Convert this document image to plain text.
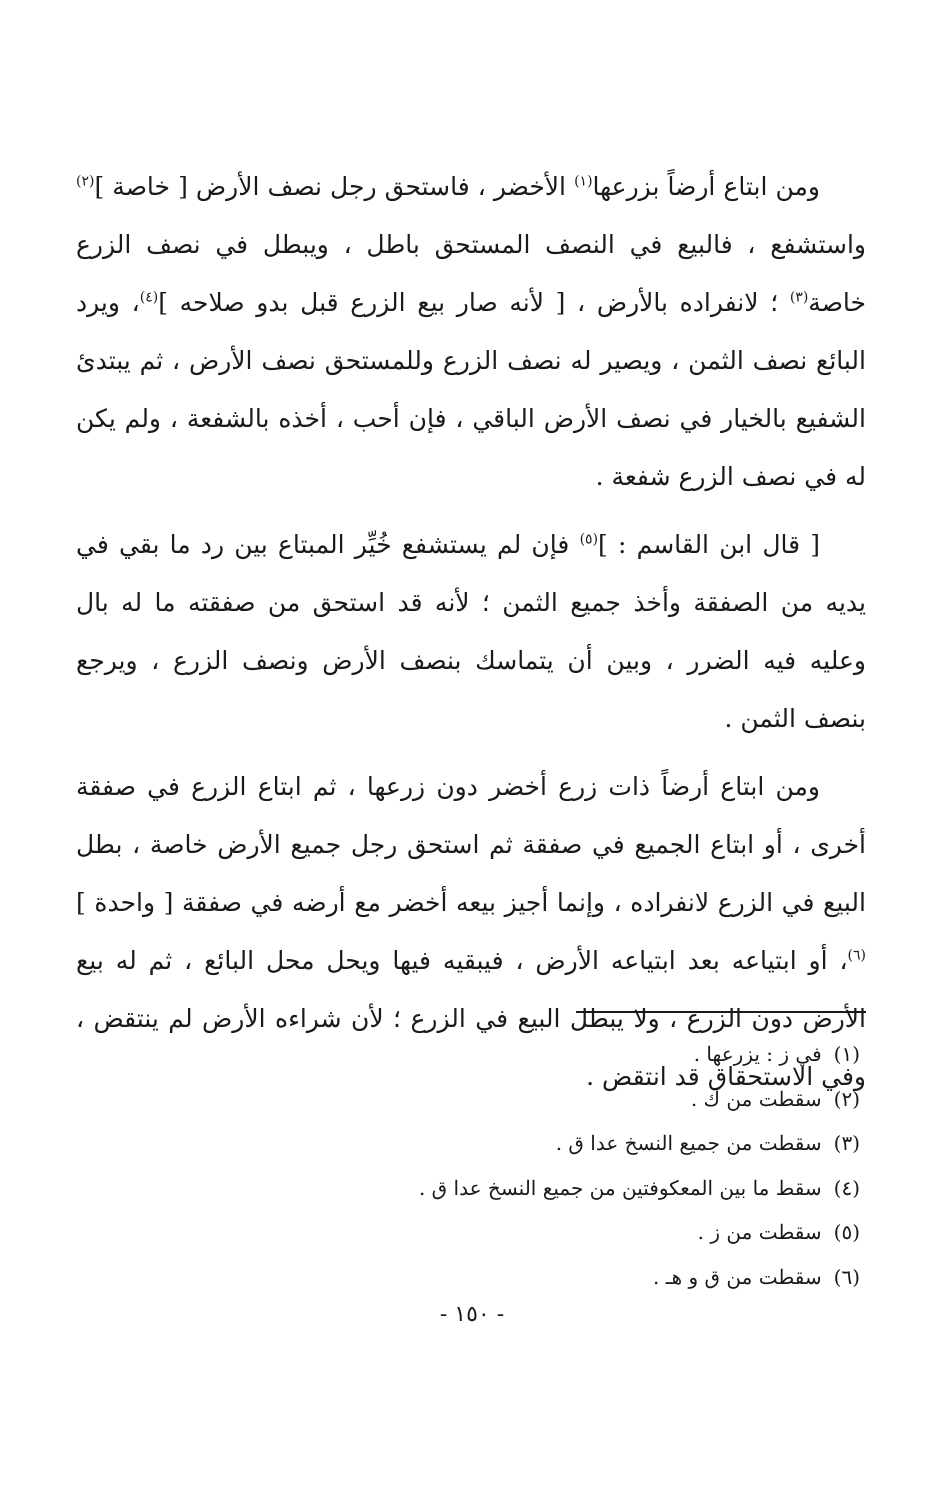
ومن ابتاع أرضاً بزرعها$^{(١)}$ الأخضر ، فاستحق رجل نصف الأرض [ خاصة ]$^{(٢)}$ واستشفع ، فالبيع في النصف المستحق باطل ، ويبطل في نصف الزرع خاصة$^{(٣)}$ ؛ لانفراده بالأرض ، [ لأنه صار بيع الزرع قبل بدو صلاحه ]$^{(٤)}$، ويرد البائع نصف الثمن ، ويصير له نصف الزرع وللمستحق نصف الأرض ، ثم يبتدئ الشفيع بالخيار في نصف الأرض الباقي ، فإن أحب ، أخذه بالشفعة ، ولم يكن له في نصف الزرع شفعة .

[ قال ابن القاسم : ]$^{(٥)}$ فإن لم يستشفع خُيِّر المبتاع بين رد ما بقي في يديه من الصفقة وأخذ جميع الثمن ؛ لأنه قد استحق من صفقته ما له بال وعليه فيه الضرر ، وبين أن يتماسك بنصف الأرض ونصف الزرع ، ويرجع بنصف الثمن .

ومن ابتاع أرضاً ذات زرع أخضر دون زرعها ، ثم ابتاع الزرع في صفقة أخرى ، أو ابتاع الجميع في صفقة ثم استحق رجل جميع الأرض خاصة ، بطل البيع في الزرع لانفراده ، وإنما أجيز بيعه أخضر مع أرضه في صفقة [ واحدة ]$^{(٦)}$، أو ابتياعه بعد ابتياعه الأرض ، فيبقيه فيها ويحل محل البائع ، ثم له بيع الأرض دون الزرع ، ولا يبطل البيع في الزرع ؛ لأن شراءه الأرض لم ينتقض ، وفي الاستحقاق قد انتقض .

(١)
في ز : يزرعها .
(٢)
سقطت من ك .
(٣)
سقطت من جميع النسخ عدا ق .
(٤)
سقط ما بين المعكوفتين من جميع النسخ عدا ق .
(٥)
سقطت من ز .
(٦)
سقطت من ق و هـ .
- ١٥٠ -
